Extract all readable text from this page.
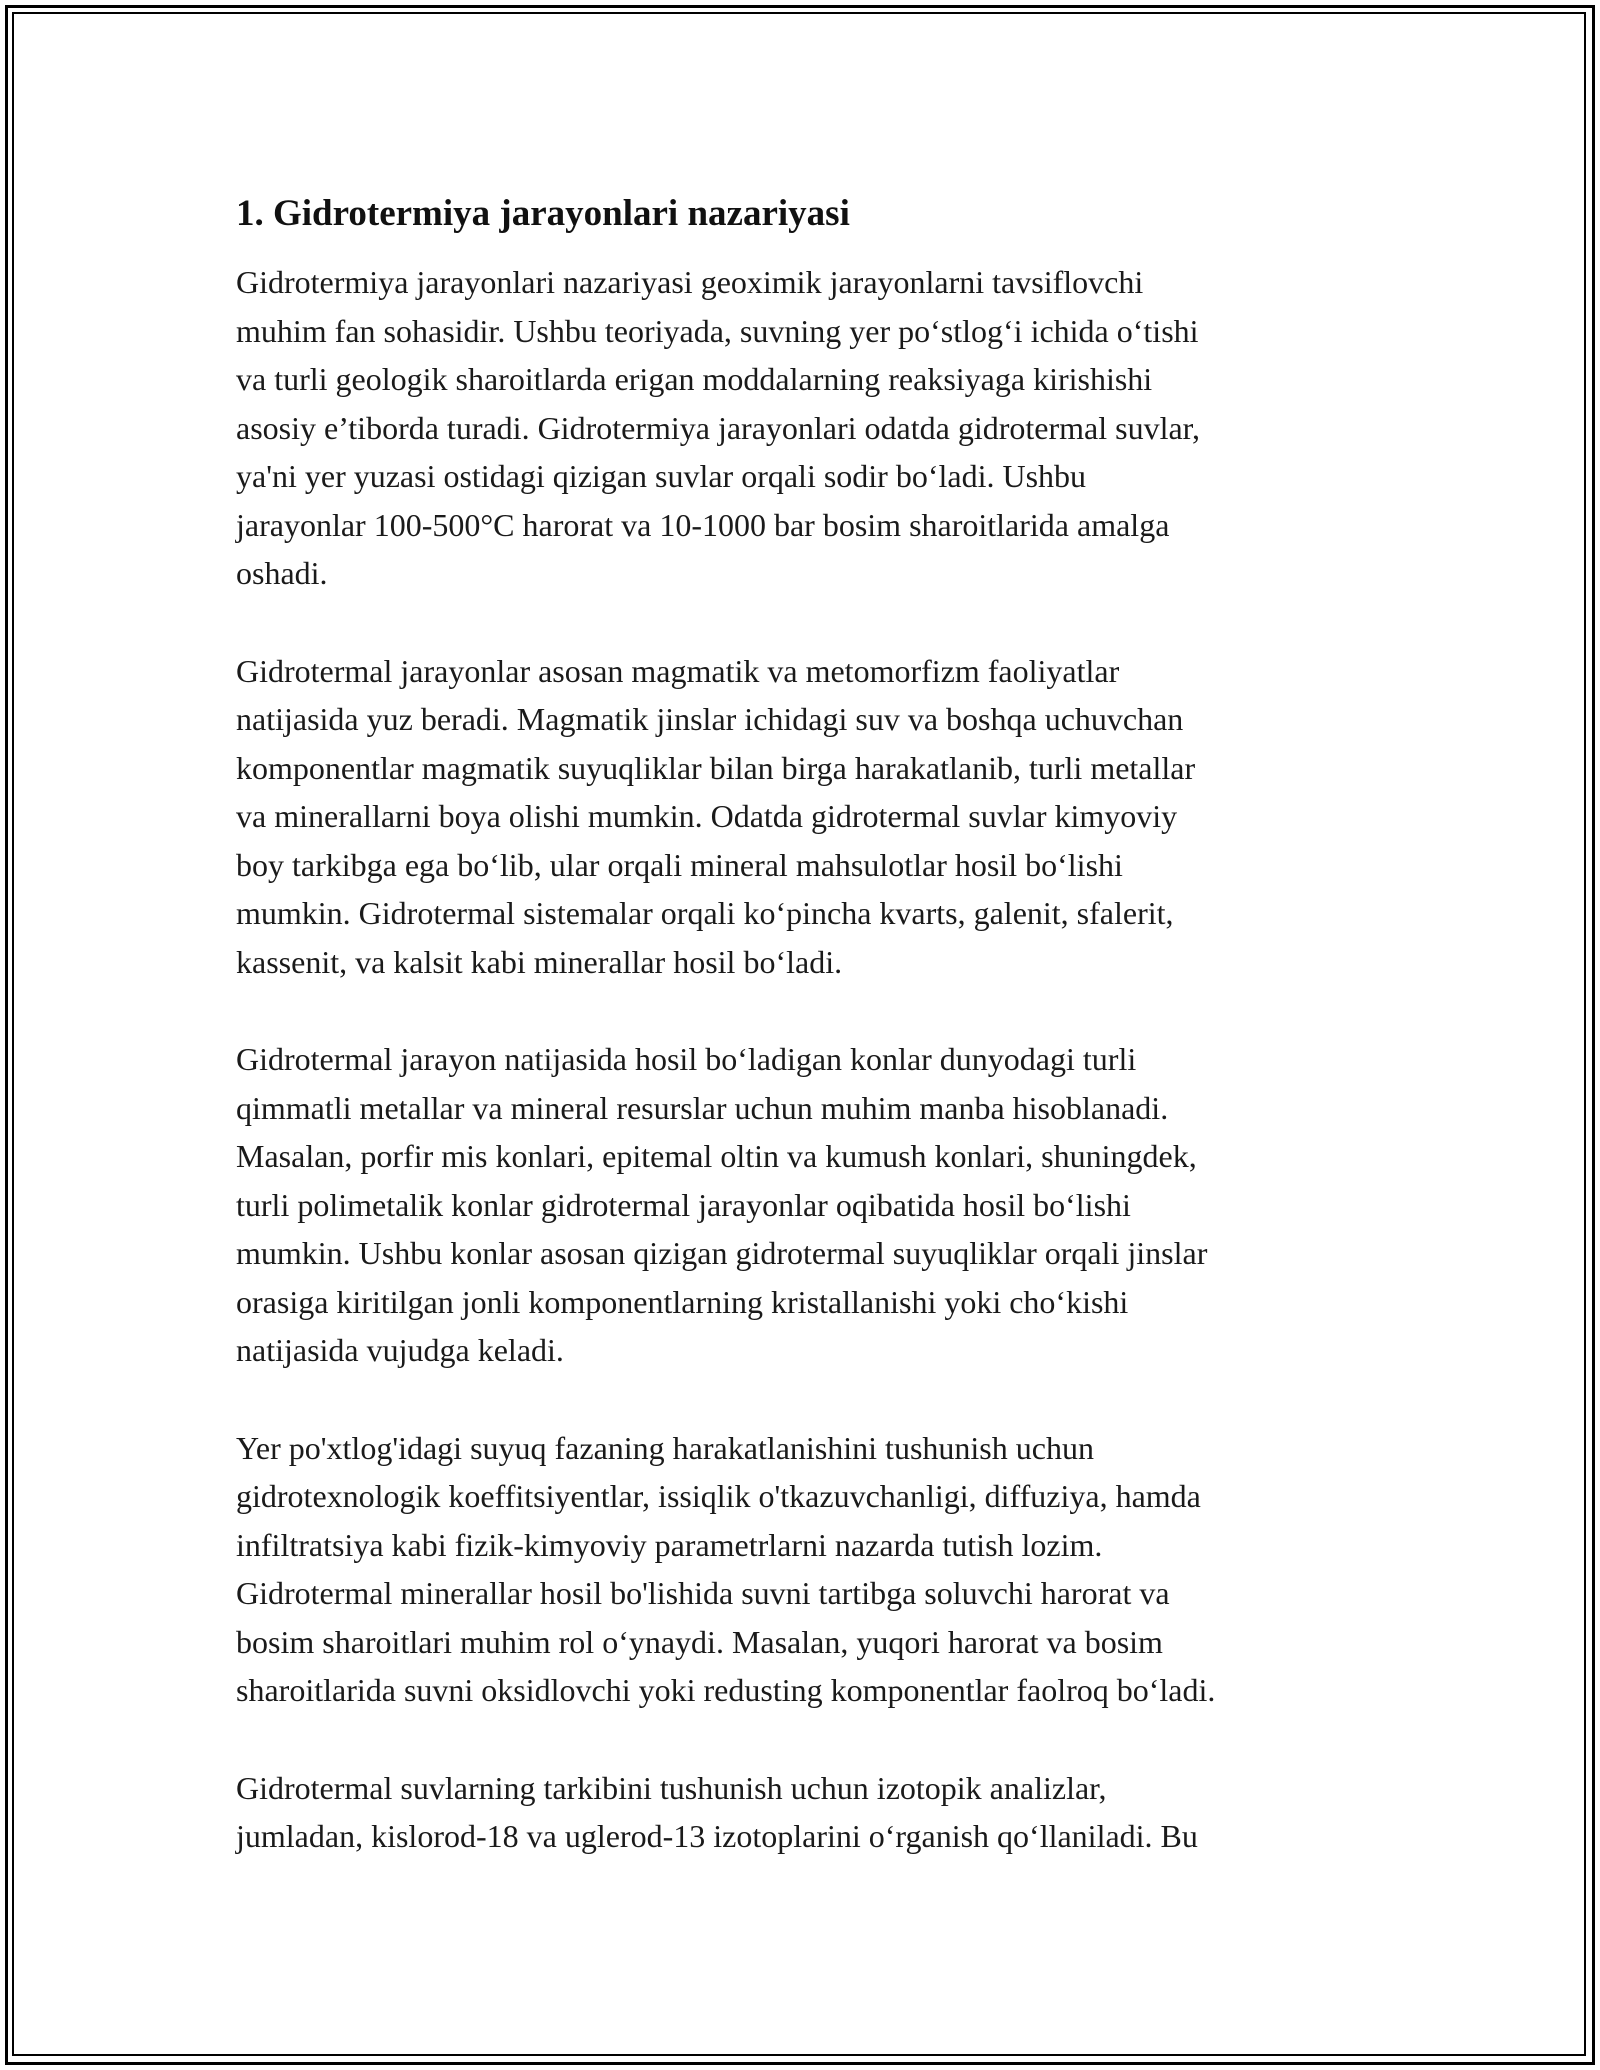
1. Gidrotermiya jarayonlari nazariyasi

Gidrotermiya jarayonlari nazariyasi geoximik jarayonlarni tavsiflovchi
muhim fan sohasidir. Ushbu teoriyada, suvning yer po‘stlog‘i ichida o‘tishi
va turli geologik sharoitlarda erigan moddalarning reaksiyaga kirishishi
asosiy e’tiborda turadi. Gidrotermiya jarayonlari odatda gidrotermal suvlar,
ya'ni yer yuzasi ostidagi qizigan suvlar orqali sodir bo‘ladi. Ushbu
jarayonlar 100-500°C harorat va 10-1000 bar bosim sharoitlarida amalga
oshadi.

Gidrotermal jarayonlar asosan magmatik va metomorfizm faoliyatlar
natijasida yuz beradi. Magmatik jinslar ichidagi suv va boshqa uchuvchan
komponentlar magmatik suyuqliklar bilan birga harakatlanib, turli metallar
va minerallarni boya olishi mumkin. Odatda gidrotermal suvlar kimyoviy
boy tarkibga ega bo‘lib, ular orqali mineral mahsulotlar hosil bo‘lishi
mumkin. Gidrotermal sistemalar orqali ko‘pincha kvarts, galenit, sfalerit,
kassenit, va kalsit kabi minerallar hosil bo‘ladi.

Gidrotermal jarayon natijasida hosil bo‘ladigan konlar dunyodagi turli
qimmatli metallar va mineral resurslar uchun muhim manba hisoblanadi.
Masalan, porfir mis konlari, epitemal oltin va kumush konlari, shuningdek,
turli polimetalik konlar gidrotermal jarayonlar oqibatida hosil bo‘lishi
mumkin. Ushbu konlar asosan qizigan gidrotermal suyuqliklar orqali jinslar
orasiga kiritilgan jonli komponentlarning kristallanishi yoki cho‘kishi
natijasida vujudga keladi.

Yer po'xtlog'idagi suyuq fazaning harakatlanishini tushunish uchun
gidrotexnologik koeffitsiyentlar, issiqlik o'tkazuvchanligi, diffuziya, hamda
infiltratsiya kabi fizik-kimyoviy parametrlarni nazarda tutish lozim.
Gidrotermal minerallar hosil bo'lishida suvni tartibga soluvchi harorat va
bosim sharoitlari muhim rol o‘ynaydi. Masalan, yuqori harorat va bosim
sharoitlarida suvni oksidlovchi yoki redusting komponentlar faolroq bo‘ladi.

Gidrotermal suvlarning tarkibini tushunish uchun izotopik analizlar,
jumladan, kislorod-18 va uglerod-13 izotoplarini o‘rganish qo‘llaniladi. Bu
